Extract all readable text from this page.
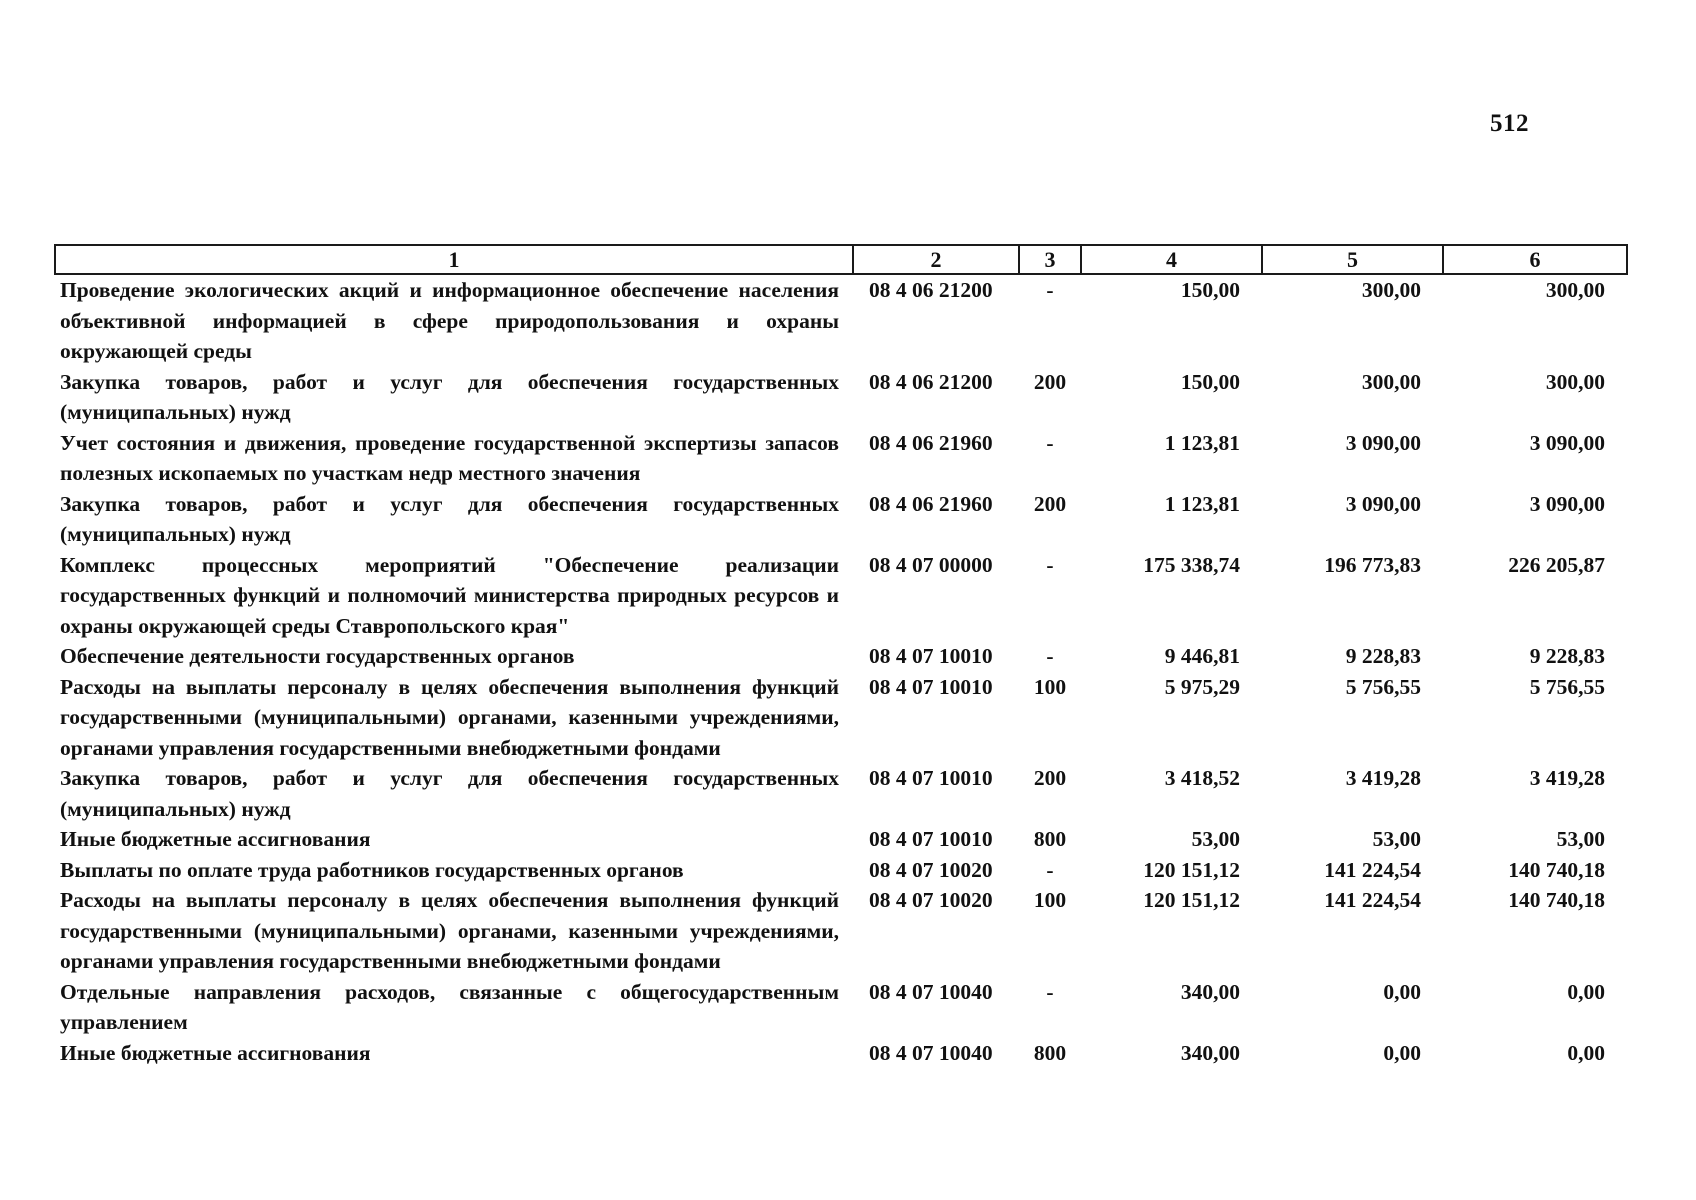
512
1	2	3	4	5	6
Проведение экологических акций и информационное обеспечение населения объективной информацией в сфере природопользования и охраны окружающей среды	08 4 06 21200	-	150,00	300,00	300,00
Закупка товаров, работ и услуг для обеспечения государственных (муниципальных) нужд	08 4 06 21200	200	150,00	300,00	300,00
Учет состояния и движения, проведение государственной экспертизы запасов полезных ископаемых по участкам недр местного значения	08 4 06 21960	-	1 123,81	3 090,00	3 090,00
Закупка товаров, работ и услуг для обеспечения государственных (муниципальных) нужд	08 4 06 21960	200	1 123,81	3 090,00	3 090,00
Комплекс процессных мероприятий "Обеспечение реализации государственных функций и полномочий министерства природных ресурсов и охраны окружающей среды Ставропольского края"	08 4 07 00000	-	175 338,74	196 773,83	226 205,87
Обеспечение деятельности государственных органов	08 4 07 10010	-	9 446,81	9 228,83	9 228,83
Расходы на выплаты персоналу в целях обеспечения выполнения функций государственными (муниципальными) органами, казенными учреждениями, органами управления государственными внебюджетными фондами	08 4 07 10010	100	5 975,29	5 756,55	5 756,55
Закупка товаров, работ и услуг для обеспечения государственных (муниципальных) нужд	08 4 07 10010	200	3 418,52	3 419,28	3 419,28
Иные бюджетные ассигнования	08 4 07 10010	800	53,00	53,00	53,00
Выплаты по оплате труда работников государственных органов	08 4 07 10020	-	120 151,12	141 224,54	140 740,18
Расходы на выплаты персоналу в целях обеспечения выполнения функций государственными (муниципальными) органами, казенными учреждениями, органами управления государственными внебюджетными фондами	08 4 07 10020	100	120 151,12	141 224,54	140 740,18
Отдельные направления расходов, связанные с общегосударственным управлением	08 4 07 10040	-	340,00	0,00	0,00
Иные бюджетные ассигнования	08 4 07 10040	800	340,00	0,00	0,00
